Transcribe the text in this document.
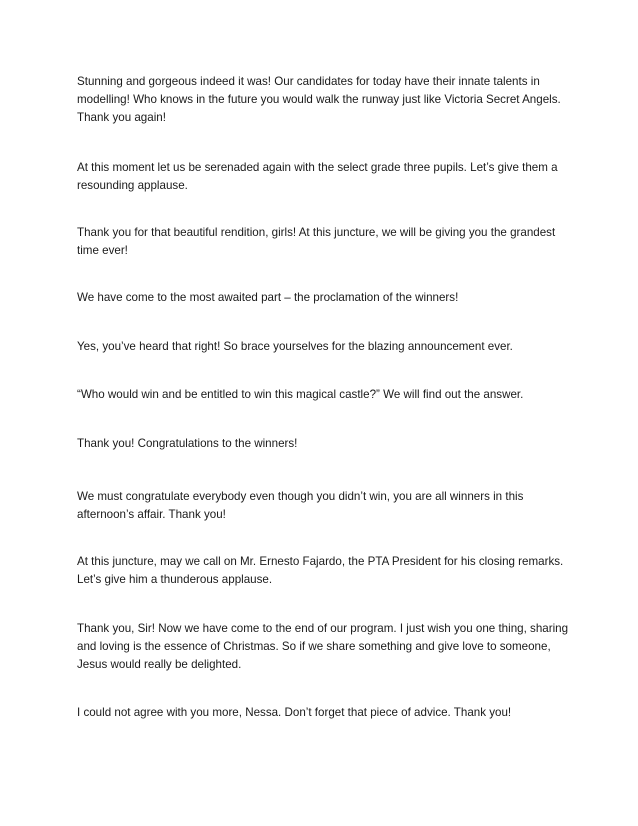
Stunning and gorgeous indeed it was! Our candidates for today have their innate talents in
modelling! Who knows in the future you would walk the runway just like Victoria Secret Angels.
Thank you again!

At this moment let us be serenaded again with the select grade three pupils. Let’s give them a
resounding applause.

Thank you for that beautiful rendition, girls! At this juncture, we will be giving you the grandest
time ever!

We have come to the most awaited part – the proclamation of the winners!

Yes, you’ve heard that right! So brace yourselves for the blazing announcement ever.

“Who would win and be entitled to win this magical castle?” We will find out the answer.

Thank you! Congratulations to the winners!

We must congratulate everybody even though you didn’t win, you are all winners in this
afternoon’s affair. Thank you!

At this juncture, may we call on Mr. Ernesto Fajardo, the PTA President for his closing remarks.
Let’s give him a thunderous applause.

Thank you, Sir! Now we have come to the end of our program. I just wish you one thing, sharing
and loving is the essence of Christmas. So if we share something and give love to someone,
Jesus would really be delighted.

I could not agree with you more, Nessa. Don’t forget that piece of advice. Thank you!
